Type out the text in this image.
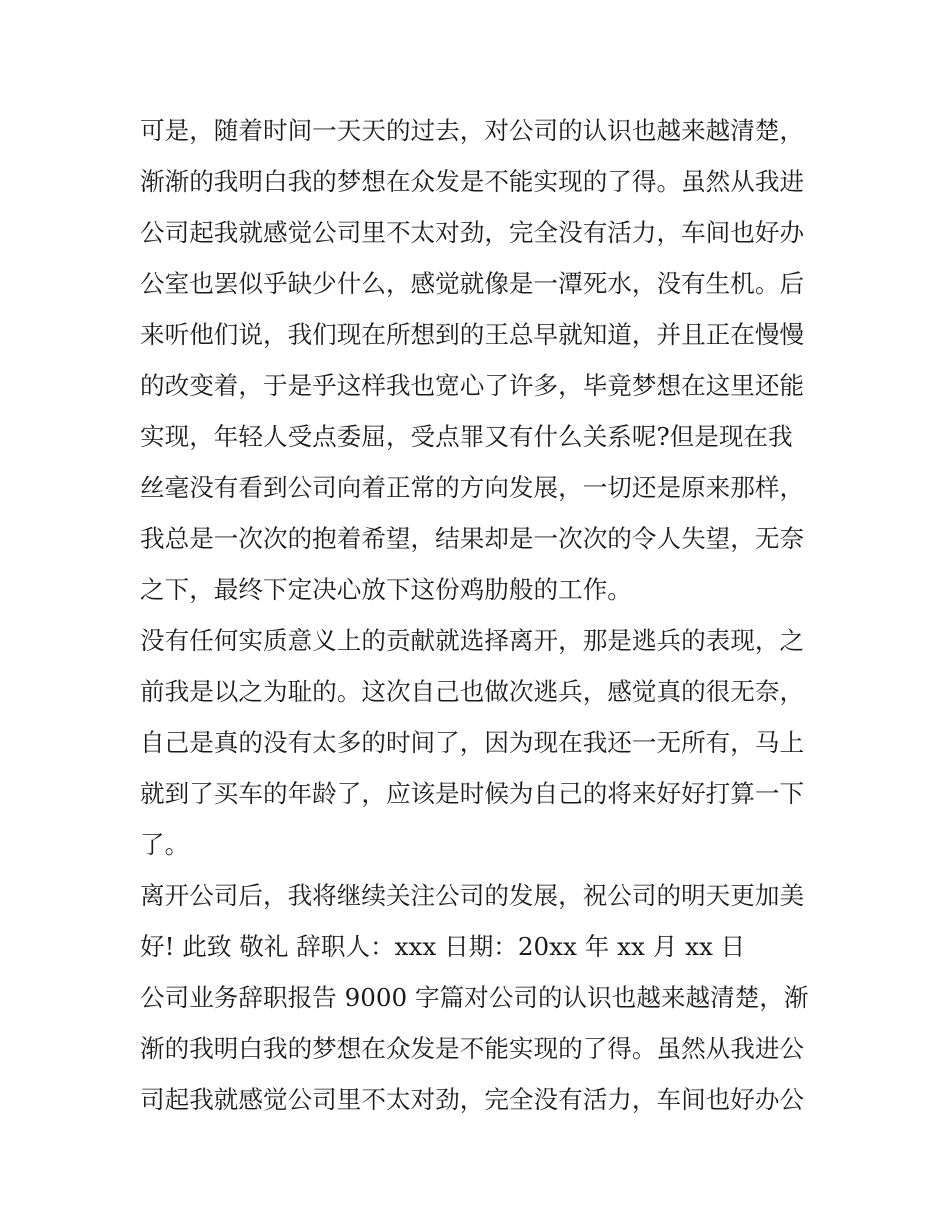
可是，随着时间一天天的过去，对公司的认识也越来越清楚，
渐渐的我明白我的梦想在众发是不能实现的了得。虽然从我进
公司起我就感觉公司里不太对劲，完全没有活力，车间也好办
公室也罢似乎缺少什么，感觉就像是一潭死水，没有生机。后
来听他们说，我们现在所想到的王总早就知道，并且正在慢慢
的改变着，于是乎这样我也宽心了许多，毕竟梦想在这里还能
实现，年轻人受点委屈，受点罪又有什么关系呢?但是现在我
丝毫没有看到公司向着正常的方向发展，一切还是原来那样，
我总是一次次的抱着希望，结果却是一次次的令人失望，无奈
之下，最终下定决心放下这份鸡肋般的工作。
没有任何实质意义上的贡献就选择离开，那是逃兵的表现，之
前我是以之为耻的。这次自己也做次逃兵，感觉真的很无奈，
自己是真的没有太多的时间了，因为现在我还一无所有，马上
就到了买车的年龄了，应该是时候为自己的将来好好打算一下
了。
离开公司后，我将继续关注公司的发展，祝公司的明天更加美
好! 此致 敬礼 辞职人：xxx 日期：20xx 年 xx 月 xx 日
公司业务辞职报告 9000 字篇对公司的认识也越来越清楚，渐
渐的我明白我的梦想在众发是不能实现的了得。虽然从我进公
司起我就感觉公司里不太对劲，完全没有活力，车间也好办公
